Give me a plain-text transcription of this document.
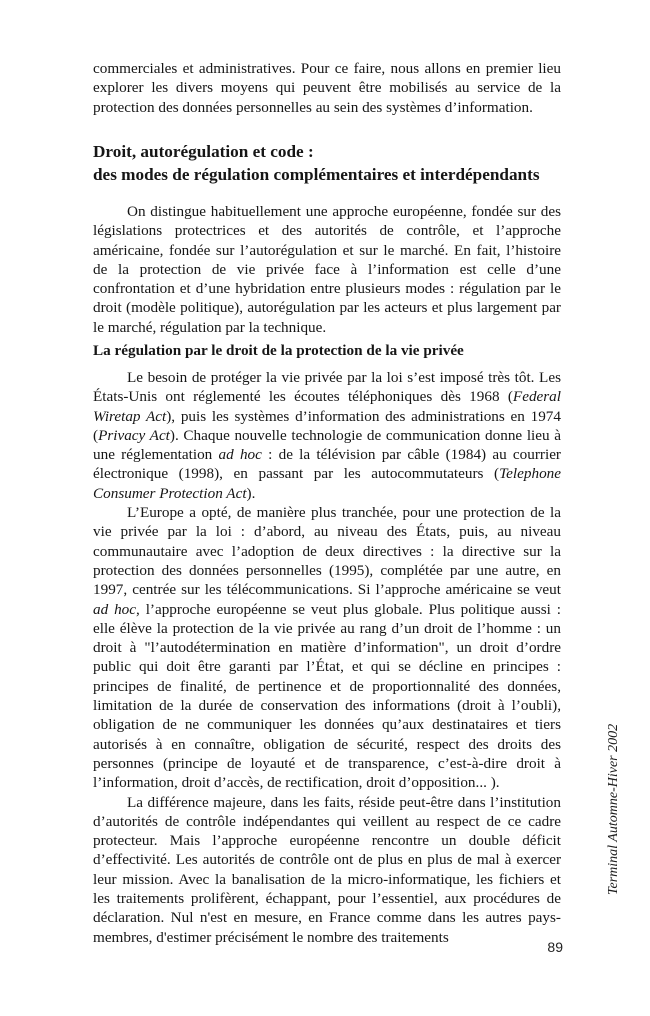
commerciales et administratives. Pour ce faire, nous allons en premier lieu explorer les divers moyens qui peuvent être mobilisés au service de la protection des données personnelles au sein des systèmes d’information.
Droit, autorégulation et code :
des modes de régulation complémentaires et interdépendants
On distingue habituellement une approche européenne, fondée sur des législations protectrices et des autorités de contrôle, et l’approche américaine, fondée sur l’autorégulation et sur le marché. En fait, l’histoire de la protection de vie privée face à l’information est celle d’une confrontation et d’une hybridation entre plusieurs modes : régulation par le droit (modèle politique), autorégulation par les acteurs et plus largement par le marché, régulation par la technique.
La régulation par le droit de la protection de la vie privée

Le besoin de protéger la vie privée par la loi s’est imposé très tôt. Les États-Unis ont réglementé les écoutes téléphoniques dès 1968 (Federal Wiretap Act), puis les systèmes d’information des administrations en 1974 (Privacy Act). Chaque nouvelle technologie de communication donne lieu à une réglementation ad hoc : de la télévision par câble (1984) au courrier électronique (1998), en passant par les autocommutateurs (Telephone Consumer Protection Act).

L’Europe a opté, de manière plus tranchée, pour une protection de la vie privée par la loi : d’abord, au niveau des États, puis, au niveau communautaire avec l’adoption de deux directives : la directive sur la protection des données personnelles (1995), complétée par une autre, en 1997, centrée sur les télécommunications. Si l’approche américaine se veut ad hoc, l’approche européenne se veut plus globale. Plus politique aussi : elle élève la protection de la vie privée au rang d’un droit de l’homme : un droit à "l’autodétermination en matière d’information", un droit d’ordre public qui doit être garanti par l’État, et qui se décline en principes : principes de finalité, de pertinence et de proportionnalité des données, limitation de la durée de conservation des informations (droit à l’oubli), obligation de ne communiquer les données qu’aux destinataires et tiers autorisés à en connaître, obligation de sécurité, respect des droits des personnes (principe de loyauté et de transparence, c’est-à-dire droit à l’information, droit d’accès, de rectification, droit d’opposition... ).

La différence majeure, dans les faits, réside peut-être dans l’institution d’autorités de contrôle indépendantes qui veillent au respect de ce cadre protecteur. Mais l’approche européenne rencontre un double déficit d’effectivité. Les autorités de contrôle ont de plus en plus de mal à exercer leur mission. Avec la banalisation de la micro-informatique, les fichiers et les traitements prolifèrent, échappant, pour l’essentiel, aux procédures de déclaration. Nul n'est en mesure, en France comme dans les autres pays-membres, d'estimer précisément le nombre des traitements

89
Terminal Automne-Hiver 2002
